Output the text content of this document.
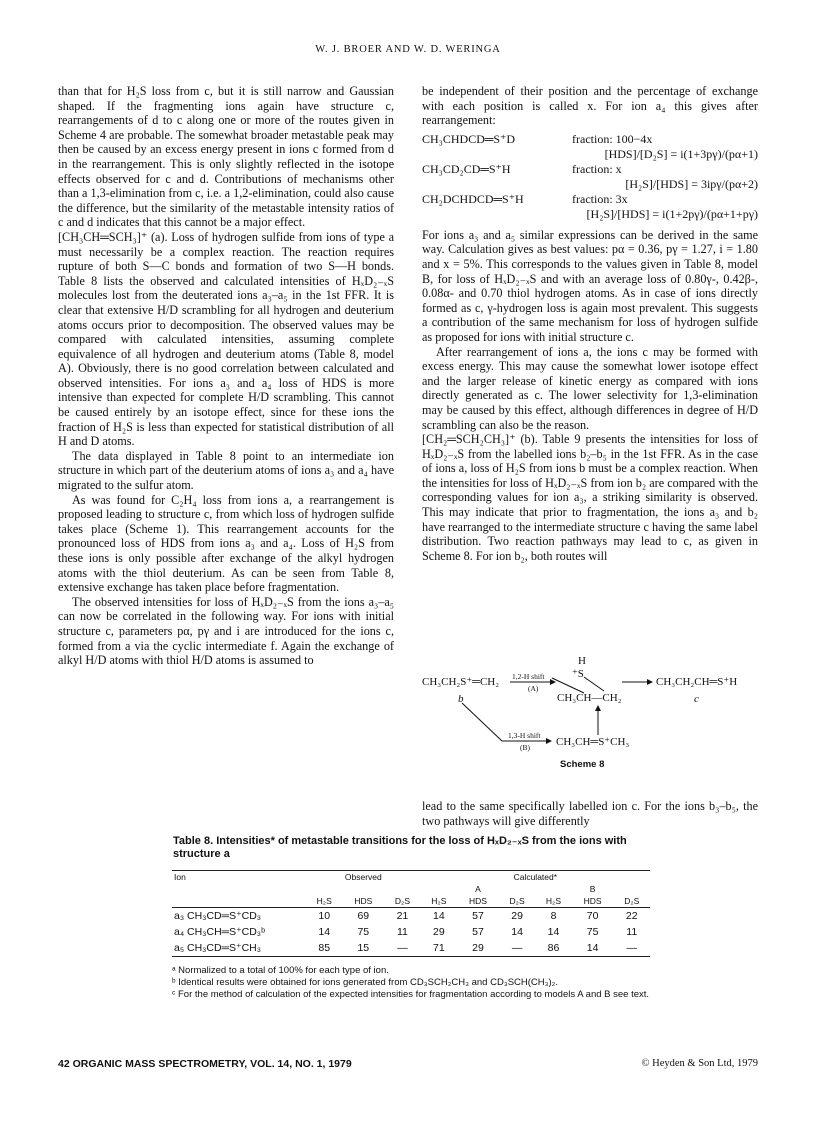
W. J. BROER AND W. D. WERINGA

than that for H₂S loss from c, but it is still narrow and Gaussian shaped. If the fragmenting ions again have structure c, rearrangements of d to c along one or more of the routes given in Scheme 4 are probable. The somewhat broader metastable peak may then be caused by an excess energy present in ions c formed from d in the rearrangement. This is only slightly reflected in the isotope effects observed for c and d. Contributions of mechanisms other than a 1,3-elimination from c, i.e. a 1,2-elimination, could also cause the difference, but the similarity of the metastable intensity ratios of c and d indicates that this cannot be a major effect.

[CH₃CH═SCH₃]⁺ (a). Loss of hydrogen sulfide from ions of type a must necessarily be a complex reaction. The reaction requires rupture of both S—C bonds and formation of two S—H bonds. Table 8 lists the observed and calculated intensities of HₓD₂₋ₓS molecules lost from the deuterated ions a₃–a₅ in the 1st FFR. It is clear that extensive H/D scrambling for all hydrogen and deuterium atoms occurs prior to decomposition. The observed values may be compared with calculated intensities, assuming complete equivalence of all hydrogen and deuterium atoms (Table 8, model A). Obviously, there is no good correlation between calculated and observed intensities. For ions a₃ and a₄ loss of HDS is more intensive than expected for complete H/D scrambling. This cannot be caused entirely by an isotope effect, since for these ions the fraction of H₂S is less than expected for statistical distribution of all H and D atoms.

The data displayed in Table 8 point to an intermediate ion structure in which part of the deuterium atoms of ions a₃ and a₄ have migrated to the sulfur atom.

As was found for C₂H₄ loss from ions a, a rearrangement is proposed leading to structure c, from which loss of hydrogen sulfide takes place (Scheme 1). This rearrangement accounts for the pronounced loss of HDS from ions a₃ and a₄. Loss of H₂S from these ions is only possible after exchange of the alkyl hydrogen atoms with the thiol deuterium. As can be seen from Table 8, extensive exchange has taken place before fragmentation.

The observed intensities for loss of HₓD₂₋ₓS from the ions a₃–a₅ can now be correlated in the following way. For ions with initial structure c, parameters pα, pγ and i are introduced for the ions c, formed from a via the cyclic intermediate f. Again the exchange of alkyl H/D atoms with thiol H/D atoms is assumed to

be independent of their position and the percentage of exchange with each position is called x. For ion a₄ this gives after rearrangement:

CH₃CHDCD═S⁺D	fraction: 100−4x
[HDS]/[D₂S] = i(1+3pγ)/(pα+1)
CH₃CD₂CD═S⁺H	fraction: x
[H₂S]/[HDS] = 3ipγ/(pα+2)
CH₂DCHDCD═S⁺H	fraction: 3x
[H₂S]/[HDS] = i(1+2pγ)/(pα+1+pγ)

For ions a₃ and a₅ similar expressions can be derived in the same way. Calculation gives as best values: pα = 0.36, pγ = 1.27, i = 1.80 and x = 5%. This corresponds to the values given in Table 8, model B, for loss of HₓD₂₋ₓS and with an average loss of 0.80γ-, 0.42β-, 0.08α- and 0.70 thiol hydrogen atoms. As in case of ions directly formed as c, γ-hydrogen loss is again most prevalent. This suggests a contribution of the same mechanism for loss of hydrogen sulfide as proposed for ions with initial structure c.

After rearrangement of ions a, the ions c may be formed with excess energy. This may cause the somewhat lower isotope effect and the larger release of kinetic energy as compared with ions directly generated as c. The lower selectivity for 1,3-elimination may be caused by this effect, although differences in degree of H/D scrambling can also be the reason.

[CH₂═SCH₂CH₃]⁺ (b). Table 9 presents the intensities for loss of HₓD₂₋ₓS from the labelled ions b₂–b₅ in the 1st FFR. As in the case of ions a, loss of H₂S from ions b must be a complex reaction. When the intensities for loss of HₓD₂₋ₓS from ion b₂ are compared with the corresponding values for ion a₃, a striking similarity is observed. This may indicate that prior to fragmentation, the ions a₃ and b₂ have rearranged to the intermediate structure c having the same label distribution. Two reaction pathways may lead to c, as given in Scheme 8. For ion b₂, both routes will

CH₃CH₂S⁺═CH₂
b
1,2-H shift
(A)
H
⁺S
CH₃CH—CH₂
CH₃CH₂CH═S⁺H
c
1,3-H shift
(B) CH₃CH═S⁺CH₃
Scheme 8

lead to the same specifically labelled ion c. For the ions b₃–b₅, the two pathways will give differently

Table 8. Intensities* of metastable transitions for the loss of HₓD₂₋ₓS from the ions with structure a
Ion	Observed			Calculated*					
					A			B	
	H₂S	HDS	D₂S	H₂S	HDS	D₂S	H₂S	HDS	D₂S
a₃ CH₃CD═S⁺CD₃	10	69	21	14	57	29	8	70	22
a₄ CH₃CH═S⁺CD₃ᵇ	14	75	11	29	57	14	14	75	11
a₅ CH₃CD═S⁺CH₃	85	15	—	71	29	—	86	14	—
ᵃ Normalized to a total of 100% for each type of ion.
ᵇ Identical results were obtained for ions generated from CD₃SCH₂CH₃ and CD₃SCH(CH₃)₂.
ᶜ For the method of calculation of the expected intensities for fragmentation according to models A and B see text.
42 ORGANIC MASS SPECTROMETRY, VOL. 14, NO. 1, 1979	© Heyden & Son Ltd, 1979
